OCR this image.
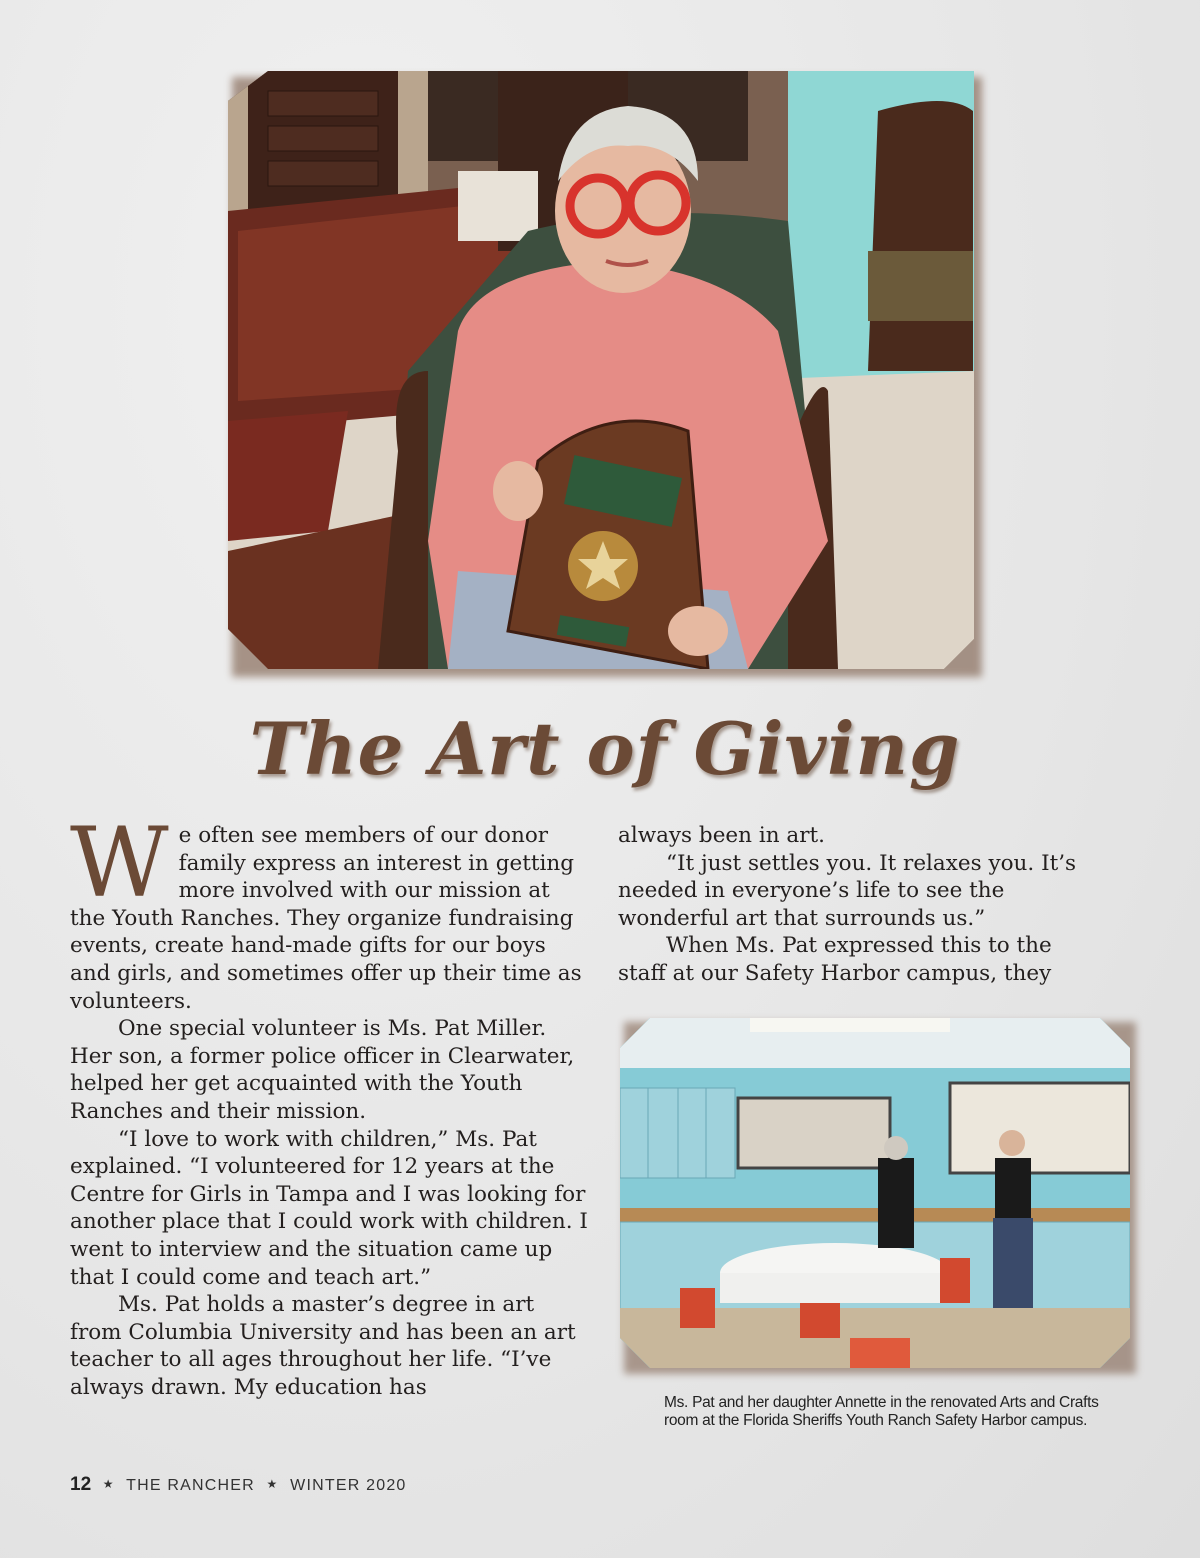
The Art of Giving
W e often see members of our donor family express an interest in getting more involved with our mission at the Youth Ranches. They organize fundraising events, create hand-made gifts for our boys and girls, and sometimes offer up their time as volunteers.

One special volunteer is Ms. Pat Miller. Her son, a former police officer in Clearwater, helped her get acquainted with the Youth Ranches and their mission.

“I love to work with children,” Ms. Pat explained. “I volunteered for 12 years at the Centre for Girls in Tampa and I was looking for another place that I could work with children. I went to interview and the situation came up that I could come and teach art.”

Ms. Pat holds a master’s degree in art from Columbia University and has been an art teacher to all ages throughout her life. “I’ve always drawn. My education has

always been in art.

“It just settles you. It relaxes you. It’s needed in everyone’s life to see the wonderful art that surrounds us.”

When Ms. Pat expressed this to the staff at our Safety Harbor campus, they

Ms. Pat and her daughter Annette in the renovated Arts and Crafts room at the Florida Sheriffs Youth Ranch Safety Harbor campus.
12 ★ THE RANCHER ★ WINTER 2020
